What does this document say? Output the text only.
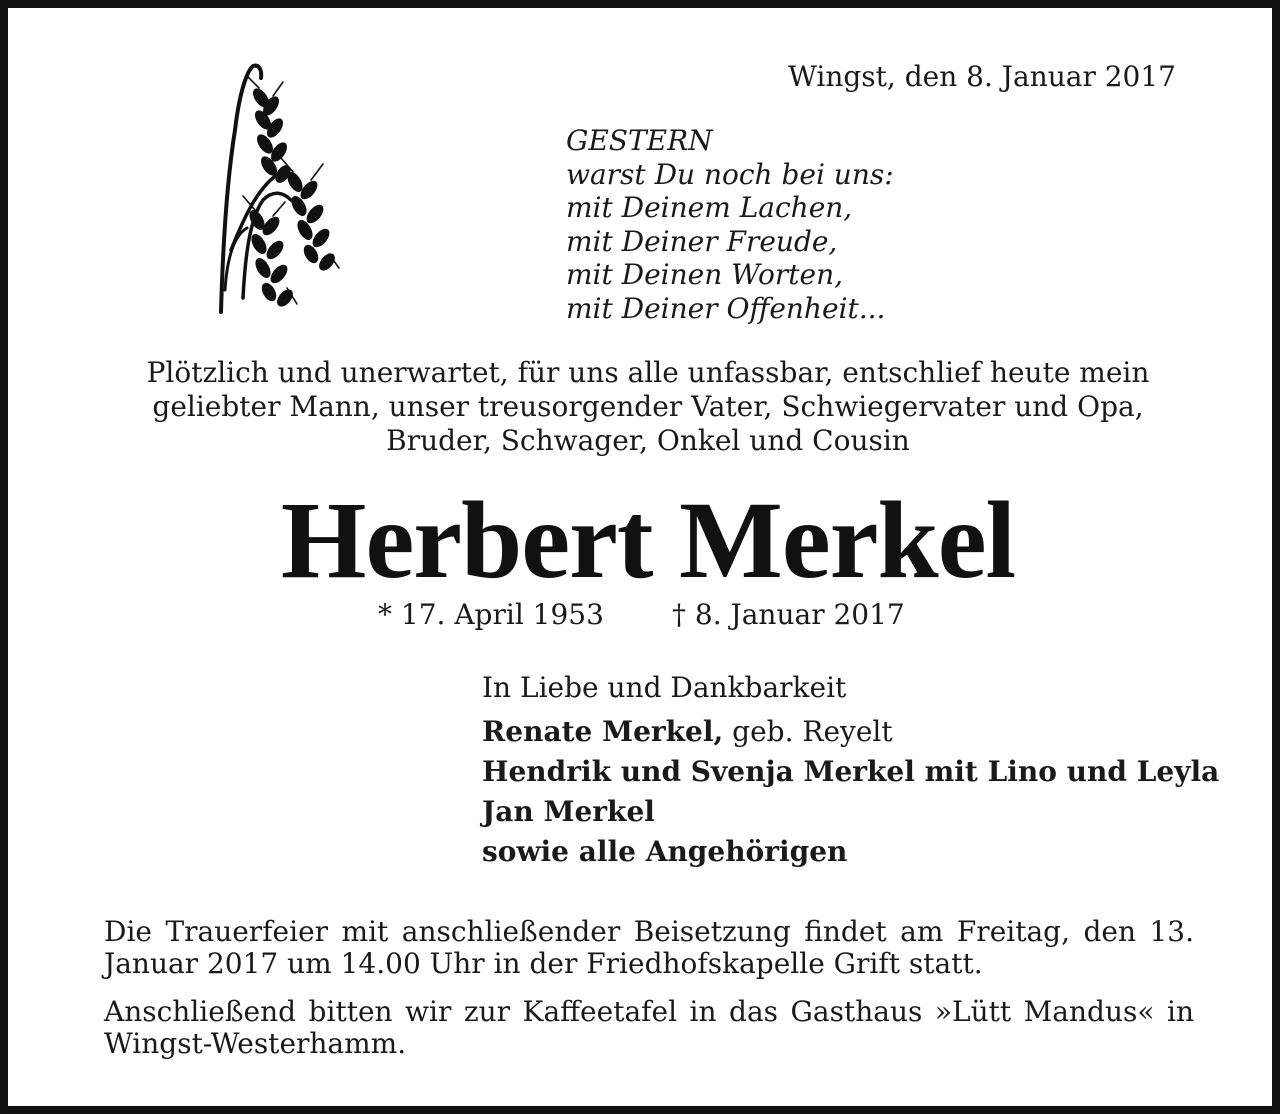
Wingst, den 8. Januar 2017

GESTERN
warst Du noch bei uns:
mit Deinem Lachen,
mit Deiner Freude,
mit Deinen Worten,
mit Deiner Offenheit...
Plötzlich und unerwartet, für uns alle unfassbar, entschlief heute mein
geliebter Mann, unser treusorgender Vater, Schwiegervater und Opa,
Bruder, Schwager, Onkel und Cousin
Herbert Merkel

* 17. April 1953 † 8. Januar 2017

In Liebe und Dankbarkeit
Renate Merkel, geb. Reyelt
Hendrik und Svenja Merkel mit Lino und Leyla
Jan Merkel
sowie alle Angehörigen

Die Trauerfeier mit anschließender Beisetzung findet am Freitag, den 13. Januar 2017 um 14.00 Uhr in der Friedhofskapelle Grift statt.

Anschließend bitten wir zur Kaffeetafel in das Gasthaus »Lütt Mandus« in Wingst-Westerhamm.
